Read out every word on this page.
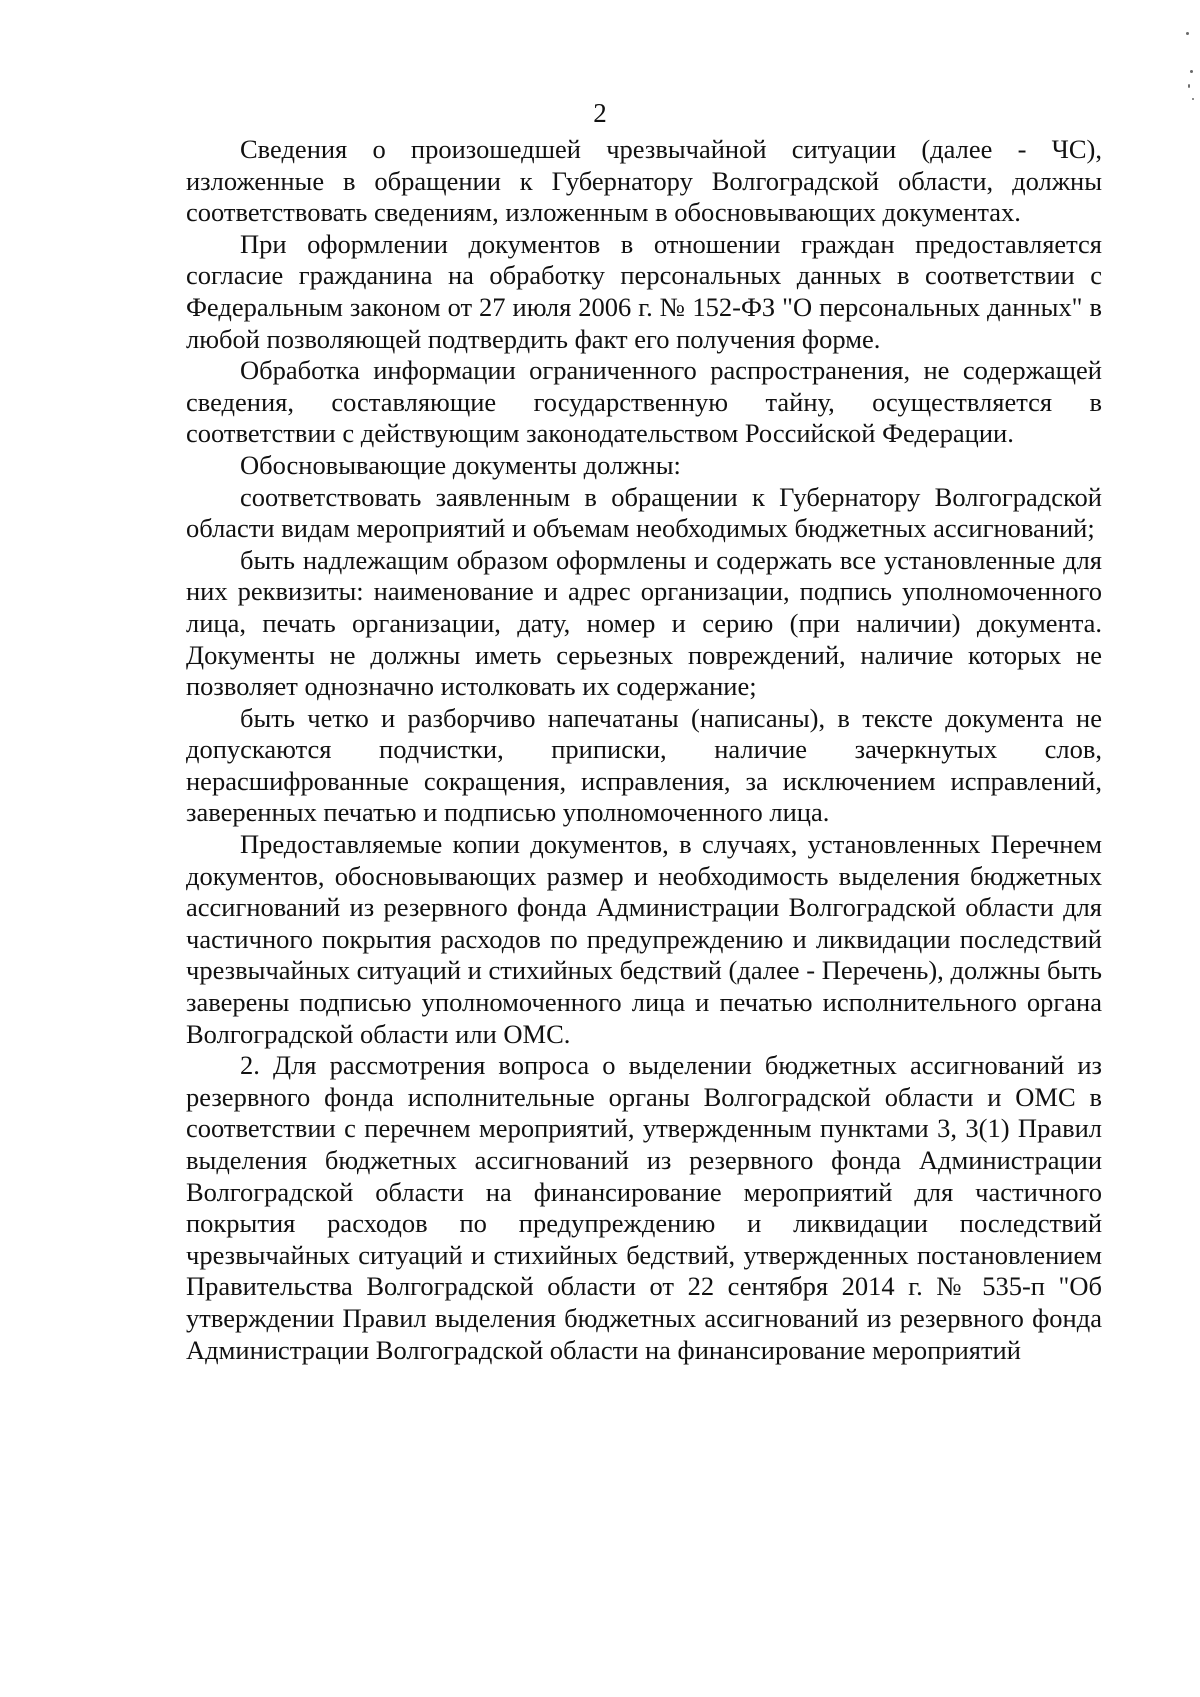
2

Сведения о произошедшей чрезвычайной ситуации (далее - ЧС), изложенные в обращении к Губернатору Волгоградской области, должны соответствовать сведениям, изложенным в обосновывающих документах.

При оформлении документов в отношении граждан предоставляется согласие гражданина на обработку персональных данных в соответствии с Федеральным законом от 27 июля 2006 г. № 152-ФЗ "О персональных данных" в любой позволяющей подтвердить факт его получения форме.

Обработка информации ограниченного распространения, не содержащей сведения, составляющие государственную тайну, осуществляется в соответствии с действующим законодательством Российской Федерации.

Обосновывающие документы должны:

соответствовать заявленным в обращении к Губернатору Волгоградской области видам мероприятий и объемам необходимых бюджетных ассигнований;

быть надлежащим образом оформлены и содержать все установленные для них реквизиты: наименование и адрес организации, подпись уполномоченного лица, печать организации, дату, номер и серию (при наличии) документа. Документы не должны иметь серьезных повреждений, наличие которых не позволяет однозначно истолковать их содержание;

быть четко и разборчиво напечатаны (написаны), в тексте документа не допускаются подчистки, приписки, наличие зачеркнутых слов, нерасшифрованные сокращения, исправления, за исключением исправлений, заверенных печатью и подписью уполномоченного лица.

Предоставляемые копии документов, в случаях, установленных Перечнем документов, обосновывающих размер и необходимость выделения бюджетных ассигнований из резервного фонда Администрации Волгоградской области для частичного покрытия расходов по предупреждению и ликвидации последствий чрезвычайных ситуаций и стихийных бедствий (далее - Перечень), должны быть заверены подписью уполномоченного лица и печатью исполнительного органа Волгоградской области или ОМС.

2. Для рассмотрения вопроса о выделении бюджетных ассигнований из резервного фонда исполнительные органы Волгоградской области и ОМС в соответствии с перечнем мероприятий, утвержденным пунктами 3, 3(1) Правил выделения бюджетных ассигнований из резервного фонда Администрации Волгоградской области на финансирование мероприятий для частичного покрытия расходов по предупреждению и ликвидации последствий чрезвычайных ситуаций и стихийных бедствий, утвержденных постановлением Правительства Волгоградской области от 22 сентября 2014 г. № 535-п "Об утверждении Правил выделения бюджетных ассигнований из резервного фонда Администрации Волгоградской области на финансирование мероприятий
